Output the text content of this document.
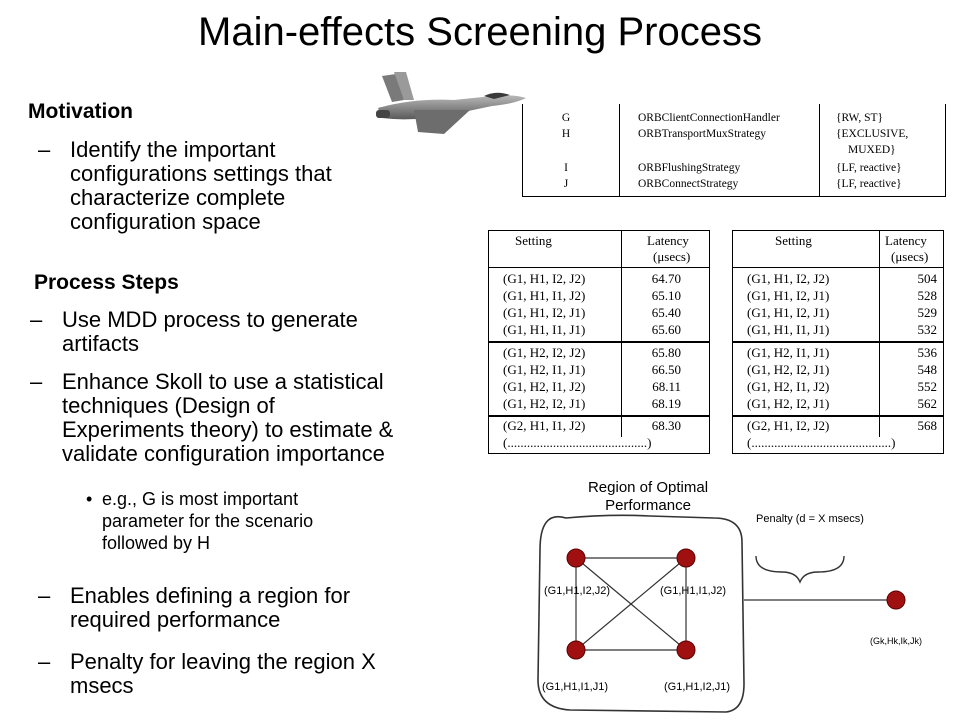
Main-effects Screening Process
Motivation
– Identify the important
configurations settings that
characterize complete
configuration space
Process Steps
– Use MDD process to generate
artifacts
– Enhance Skoll to use a statistical
techniques (Design of
Experiments theory) to estimate &
validate configuration importance
• e.g., G is most important
parameter for the scenario
followed by H
– Enables defining a region for
required performance
– Penalty for leaving the region X
msecs
G	ORBClientConnectionHandler	{RW, ST}
H	ORBTransportMuxStrategy	{EXCLUSIVE,
MUXED}
I	ORBFlushingStrategy	{LF, reactive}
J	ORBConnectStrategy	{LF, reactive}
Setting	Latency
(μsecs)
(G1, H1, I2, J2)	64.70
(G1, H1, I1, J2)	65.10
(G1, H1, I2, J1)	65.40
(G1, H1, I1, J1)	65.60
(G1, H2, I2, J2)	65.80
(G1, H2, I1, J1)	66.50
(G1, H2, I1, J2)	68.11
(G1, H2, I2, J1)	68.19
(G2, H1, I1, J2)	68.30
(...........................................)
Setting	Latency
(μsecs)
(G1, H1, I2, J2)	504
(G1, H1, I2, J1)	528
(G1, H1, I2, J1)	529
(G1, H1, I1, J1)	532
(G1, H2, I1, J1)	536
(G1, H2, I2, J1)	548
(G1, H2, I1, J2)	552
(G1, H2, I2, J1)	562
(G2, H1, I2, J2)	568
(...........................................)
Region of Optimal
Performance
Penalty (d = X msecs)
(G1,H1,I2,J2)	(G1,H1,I1,J2)
(G1,H1,I1,J1)	(G1,H1,I2,J1)
(Gk,Hk,Ik,Jk)
